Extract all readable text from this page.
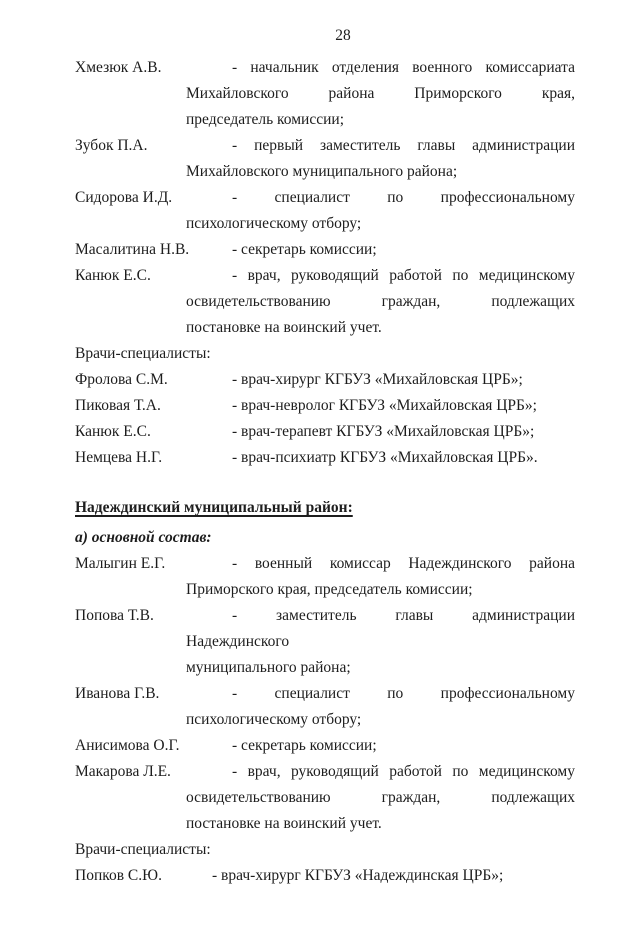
28
Хмезюк А.В.	- начальник отделения военного комиссариата
Михайловского района Приморского края,
председатель комиссии;
Зубок П.А.	- первый заместитель главы администрации
Михайловского муниципального района;
Сидорова И.Д.	- специалист по профессиональному
психологическому отбору;
Масалитина Н.В.	- секретарь комиссии;
Канюк Е.С.	- врач, руководящий работой по медицинскому
освидетельствованию граждан, подлежащих
постановке на воинский учет.
Врачи-специалисты:
Фролова С.М.	- врач-хирург КГБУЗ «Михайловская ЦРБ»;
Пиковая Т.А.	- врач-невролог КГБУЗ «Михайловская ЦРБ»;
Канюк Е.С.	- врач-терапевт КГБУЗ «Михайловская ЦРБ»;
Немцева Н.Г.	- врач-психиатр КГБУЗ «Михайловская ЦРБ».
Надеждинский муниципальный район:
а) основной состав:
Малыгин Е.Г.	- военный комиссар Надеждинского района
Приморского края, председатель комиссии;
Попова Т.В.	- заместитель главы администрации Надеждинского
муниципального района;
Иванова Г.В.	- специалист по профессиональному
психологическому отбору;
Анисимова О.Г.	- секретарь комиссии;
Макарова Л.Е.	- врач, руководящий работой по медицинскому
освидетельствованию граждан, подлежащих
постановке на воинский учет.
Врачи-специалисты:
Попков С.Ю.	- врач-хирург КГБУЗ «Надеждинская ЦРБ»;
